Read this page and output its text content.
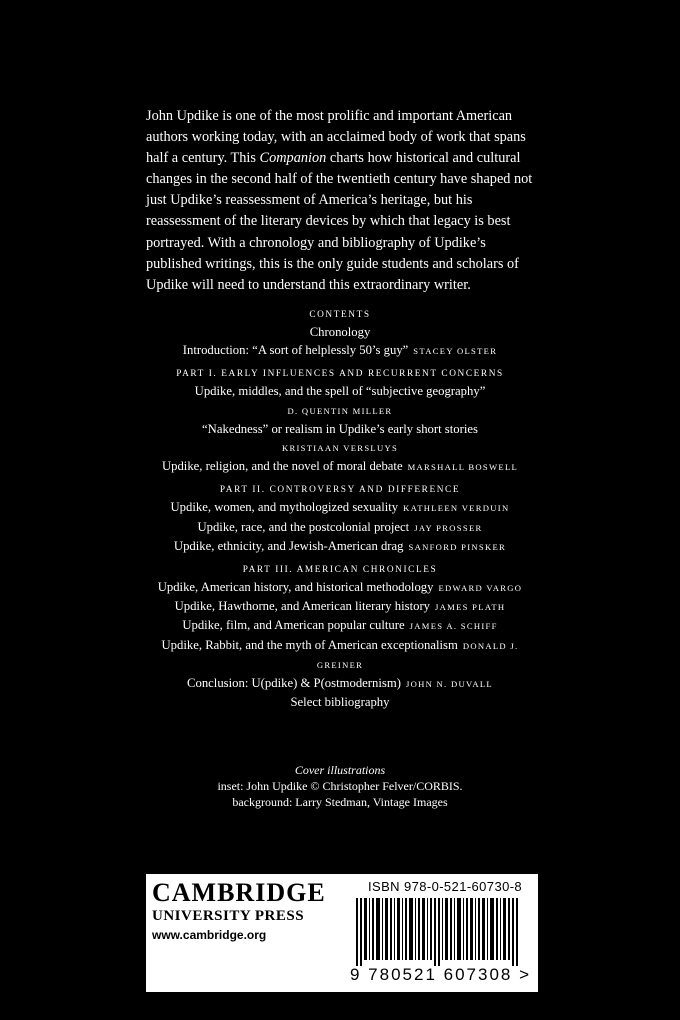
John Updike is one of the most prolific and important American authors working today, with an acclaimed body of work that spans half a century. This Companion charts how historical and cultural changes in the second half of the twentieth century have shaped not just Updike’s reassessment of America’s heritage, but his reassessment of the literary devices by which that legacy is best portrayed. With a chronology and bibliography of Updike’s published writings, this is the only guide students and scholars of Updike will need to understand this extraordinary writer.
CONTENTS
Chronology
Introduction: “A sort of helplessly 50’s guy” STACEY OLSTER
PART I. EARLY INFLUENCES AND RECURRENT CONCERNS
Updike, middles, and the spell of “subjective geography”
D. QUENTIN MILLER
“Nakedness” or realism in Updike’s early short stories
KRISTIAAN VERSLUYS
Updike, religion, and the novel of moral debate MARSHALL BOSWELL
PART II. CONTROVERSY AND DIFFERENCE
Updike, women, and mythologized sexuality KATHLEEN VERDUIN
Updike, race, and the postcolonial project JAY PROSSER
Updike, ethnicity, and Jewish-American drag SANFORD PINSKER
PART III. AMERICAN CHRONICLES
Updike, American history, and historical methodology EDWARD VARGO
Updike, Hawthorne, and American literary history JAMES PLATH
Updike, film, and American popular culture JAMES A. SCHIFF
Updike, Rabbit, and the myth of American exceptionalism DONALD J.
GREINER
Conclusion: U(pdike) & P(ostmodernism) JOHN N. DUVALL
Select bibliography
Cover illustrations
inset: John Updike © Christopher Felver/CORBIS.
background: Larry Stedman, Vintage Images
CAMBRIDGE
UNIVERSITY PRESS
www.cambridge.org
ISBN 978-0-521-60730-8
9 780521 607308 >
